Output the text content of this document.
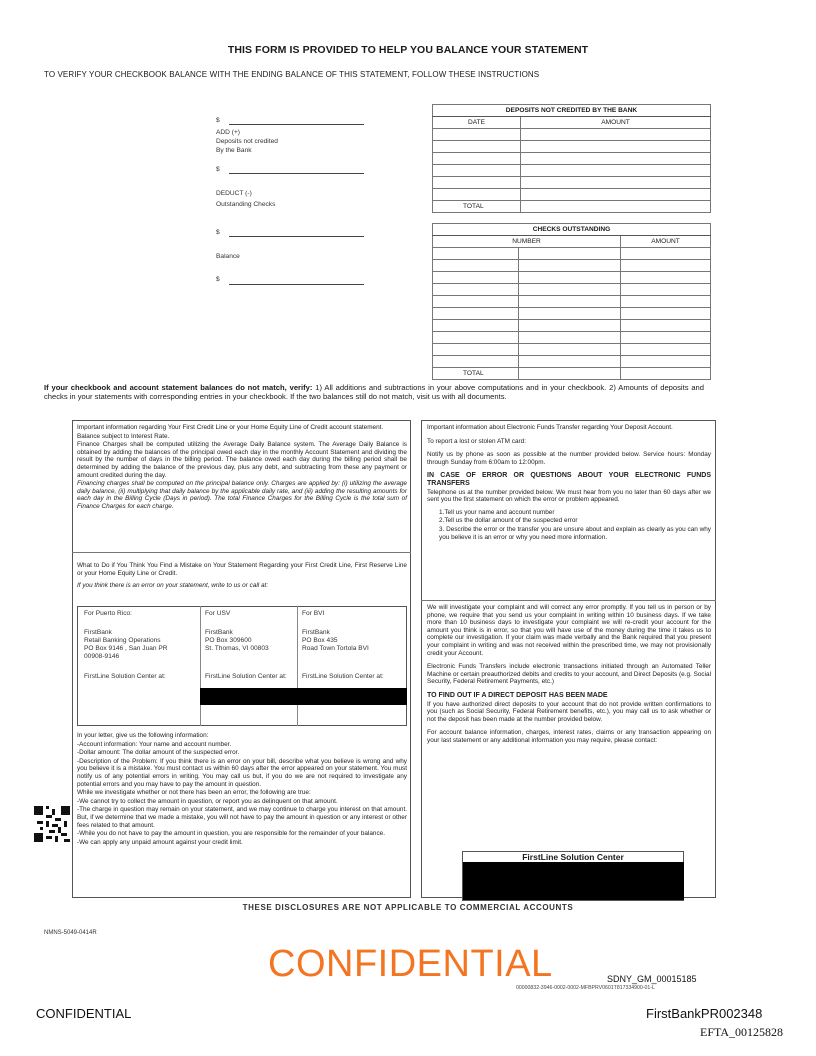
THIS FORM IS PROVIDED TO HELP YOU BALANCE YOUR STATEMENT
TO VERIFY YOUR CHECKBOOK BALANCE WITH THE ENDING BALANCE OF THIS STATEMENT, FOLLOW THESE INSTRUCTIONS
$
ADD (+)
Deposits not credited
By the Bank
$
DEDUCT (-)
Outstanding Checks
$
Balance
$
DEPOSITS NOT CREDITED BY THE BANK	
DATE	AMOUNT

TOTAL	
CHECKS OUTSTANDING		
NUMBER		AMOUNT

TOTAL		
If your checkbook and account statement balances do not match, verify: 1) All additions and subtractions in your above computations and in your checkbook. 2) Amounts of deposits and checks in your statements with corresponding entries in your checkbook. If the two balances still do not match, visit us with all documents.

Important information regarding Your First Credit Line or your Home Equity Line of Credit account statement.

Balance subject to Interest Rate.

Finance Charges shall be computed utilizing the Average Daily Balance system. The Average Daily Balance is obtained by adding the balances of the principal owed each day in the monthly Account Statement and dividing the result by the number of days in the billing period. The balance owed each day during the billing period shall be determined by adding the balance of the previous day, plus any debt, and subtracting from these any payment or amount credited during the day.

Financing charges shall be computed on the principal balance only. Charges are applied by: (i) utilizing the average daily balance, (ii) multiplying that daily balance by the applicable daily rate, and (iii) adding the resulting amounts for each day in the Billing Cycle (Days in period). The total Finance Charges for the Billing Cycle is the total sum of Finance Charges for each charge.

What to Do if You Think You Find a Mistake on Your Statement Regarding your First Credit Line, First Reserve Line or your Home Equity Line or Credit.

If you think there is an error on your statement, write to us or call at:

For Puerto Rico:
FirstBank
Retail Banking Operations
PO Box 9146 , San Juan PR
00908-9146
FirstLine Solution Center at:
For USV
FirstBank
PO Box 309600
St. Thomas, VI 00803
FirstLine Solution Center at:
For BVI
FirstBank
PO Box 435
Road Town Tortola BVI
FirstLine Solution Center at:

In your letter, give us the following information:

-Account information: Your name and account number.

-Dollar amount: The dollar amount of the suspected error.

-Description of the Problem: If you think there is an error on your bill, describe what you believe is wrong and why you believe it is a mistake. You must contact us within 60 days after the error appeared on your statement. You must notify us of any potential errors in writing. You may call us but, if you do we are not required to investigate any potential errors and you may have to pay the amount in question.

While we investigate whether or not there has been an error, the following are true:

-We cannot try to collect the amount in question, or report you as delinquent on that amount.

-The charge in question may remain on your statement, and we may continue to charge you interest on that amount. But, if we determine that we made a mistake, you will not have to pay the amount in question or any interest or other fees related to that amount.

-While you do not have to pay the amount in question, you are responsible for the remainder of your balance.

-We can apply any unpaid amount against your credit limit.

Important information about Electronic Funds Transfer regarding Your Deposit Account.

To report a lost or stolen ATM card:

Notify us by phone as soon as possible at the number provided below. Service hours: Monday through Sunday from 6:00am to 12:00pm.

IN CASE OF ERROR OR QUESTIONS ABOUT YOUR ELECTRONIC FUNDS TRANSFERS

Telephone us at the number provided below. We must hear from you no later than 60 days after we sent you the first statement on which the error or problem appeared.

1.Tell us your name and account number

2.Tell us the dollar amount of the suspected error

3. Describe the error or the transfer you are unsure about and explain as clearly as you can why you believe it is an error or why you need more information.

We will investigate your complaint and will correct any error promptly. If you tell us in person or by phone, we require that you send us your complaint in writing within 10 business days. If we take more than 10 business days to investigate your complaint we will re-credit your account for the amount you think is in error, so that you will have use of the money during the time it takes us to complete our investigation. If your claim was made verbally and the Bank required that you present your complaint in writing and was not received within the prescribed time, we may not provisionally credit your Account.

Electronic Funds Transfers include electronic transactions initiated through an Automated Teller Machine or certain preauthorized debits and credits to your account, and Direct Deposits (e.g. Social Security, Federal Retirement Payments, etc.)

TO FIND OUT IF A DIRECT DEPOSIT HAS BEEN MADE

If you have authorized direct deposits to your account that do not provide written confirmations to you (such as Social Security, Federal Retirement benefits, etc.), you may call us to ask whether or not the deposit has been made at the number provided below.

For account balance information, charges, interest rates, claims or any transaction appearing on your last statement or any additional information you may require, please contact:

FirstLine Solution Center
THESE DISCLOSURES ARE NOT APPLICABLE TO COMMERCIAL ACCOUNTS
NMNS-5049-0414R
CONFIDENTIAL	SDNY_GM_00015185
00000832-3946-0002-0002-MFBPRV0601T817334900-01-L
CONFIDENTIAL	FirstBankPR002348
EFTA_00125828
